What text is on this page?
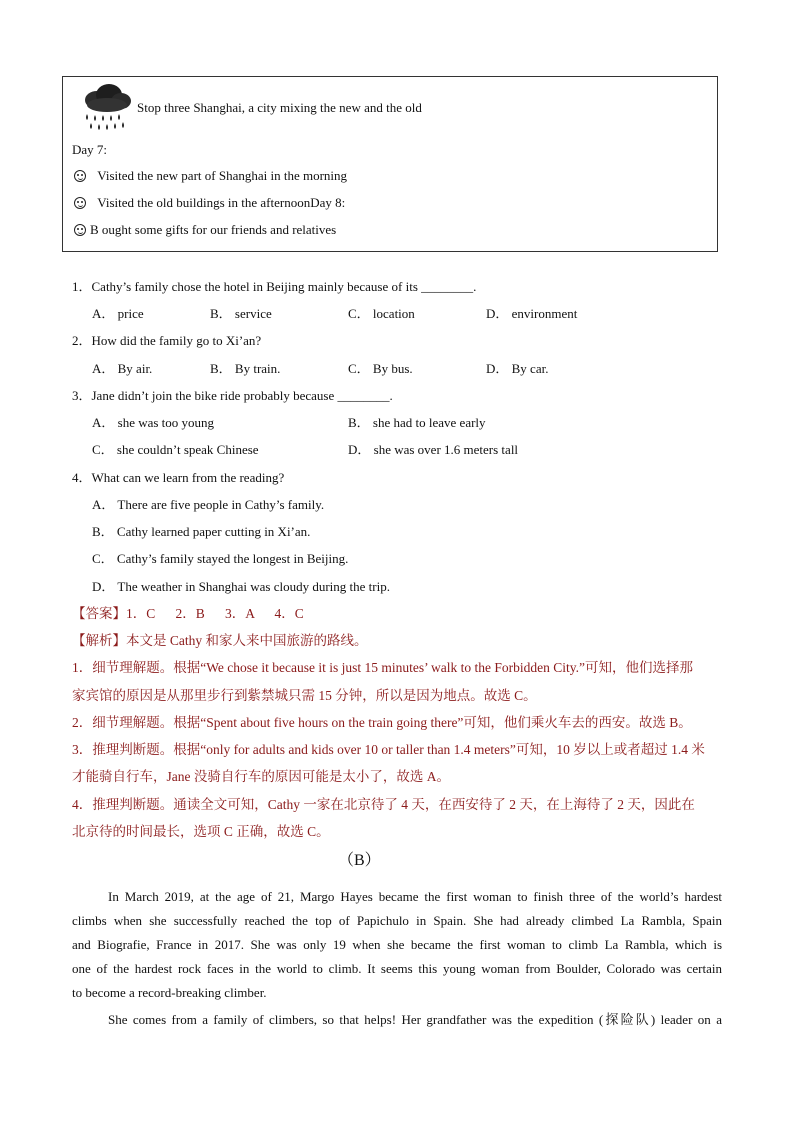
Stop three Shanghai, a city mixing the new and the old
Day 7:
Visited the new part of Shanghai in the morning
Visited the old buildings in the afternoonDay 8:
B ought some gifts for our friends and relatives
1．Cathy’s family chose the hotel in Beijing mainly because of its ________.
A． price	B． service	C． location	D． environment
2．How did the family go to Xi’an?
A． By air.	B． By train.	C． By bus.	D． By car.
3．Jane didn’t join the bike ride probably because ________.
A． she was too young	B． she had to leave early
C． she couldn’t speak Chinese	D． she was over 1.6 meters tall
4．What can we learn from the reading?
A． There are five people in Cathy’s family.
B． Cathy learned paper cutting in Xi’an.
C． Cathy’s family stayed the longest in Beijing.
D． The weather in Shanghai was cloudy during the trip.
【答案】1．C      2．B      3．A      4．C
【解析】本文是 Cathy 和家人来中国旅游的路线。
1．细节理解题。根据“We chose it because it is just 15 minutes’ walk to the Forbidden City.”可知，他们选择那
家宾馆的原因是从那里步行到紫禁城只需 15 分钟，所以是因为地点。故选 C。
2．细节理解题。根据“Spent about five hours on the train going there”可知，他们乘火车去的西安。故选 B。
3．推理判断题。根据“only for adults and kids over 10 or taller than 1.4 meters”可知，10 岁以上或者超过 1.4 米
才能骑自行车，Jane 没骑自行车的原因可能是太小了，故选 A。
4．推理判断题。通读全文可知，Cathy 一家在北京待了 4 天，在西安待了 2 天，在上海待了 2 天，因此在
北京待的时间最长，选项 C 正确，故选 C。
（B）
In March 2019, at the age of 21, Margo Hayes became the first woman to finish three of the world’s hardest
climbs when she successfully reached the top of Papichulo in Spain. She had already climbed La Rambla, Spain
and Biografie, France in 2017. She was only 19 when she became the first woman to climb La Rambla, which is
one of the hardest rock faces in the world to climb. It seems this young woman from Boulder, Colorado was certain
to become a record-breaking climber.
She comes from a family of climbers, so that helps! Her grandfather was the expedition (探险队) leader on a
